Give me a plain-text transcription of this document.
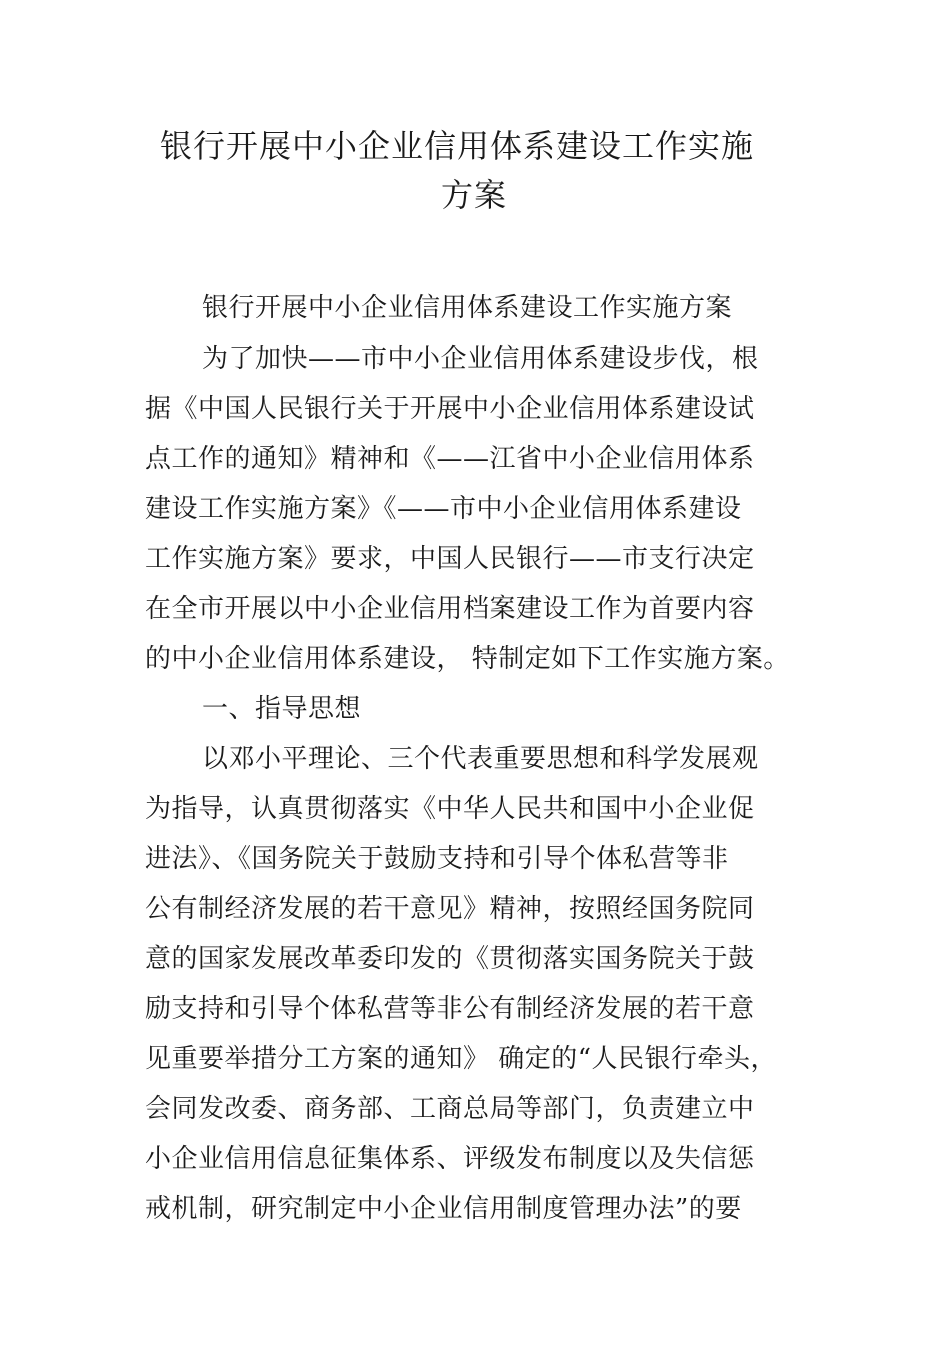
银行开展中小企业信用体系建设工作实施
方案
银行开展中小企业信用体系建设工作实施方案
为了加快——市中小企业信用体系建设步伐，根
据《中国人民银行关于开展中小企业信用体系建设试
点工作的通知》精神和《——江省中小企业信用体系
建设工作实施方案》《——市中小企业信用体系建设
工作实施方案》要求，中国人民银行——市支行决定
在全市开展以中小企业信用档案建设工作为首要内容
的中小企业信用体系建设， 特制定如下工作实施方案。
一、指导思想
以邓小平理论、三个代表重要思想和科学发展观
为指导，认真贯彻落实《中华人民共和国中小企业促
进法》、《国务院关于鼓励支持和引导个体私营等非
公有制经济发展的若干意见》精神，按照经国务院同
意的国家发展改革委印发的《贯彻落实国务院关于鼓
励支持和引导个体私营等非公有制经济发展的若干意
见重要举措分工方案的通知》 确定的“人民银行牵头，
会同发改委、商务部、工商总局等部门，负责建立中
小企业信用信息征集体系、评级发布制度以及失信惩
戒机制，研究制定中小企业信用制度管理办法”的要
